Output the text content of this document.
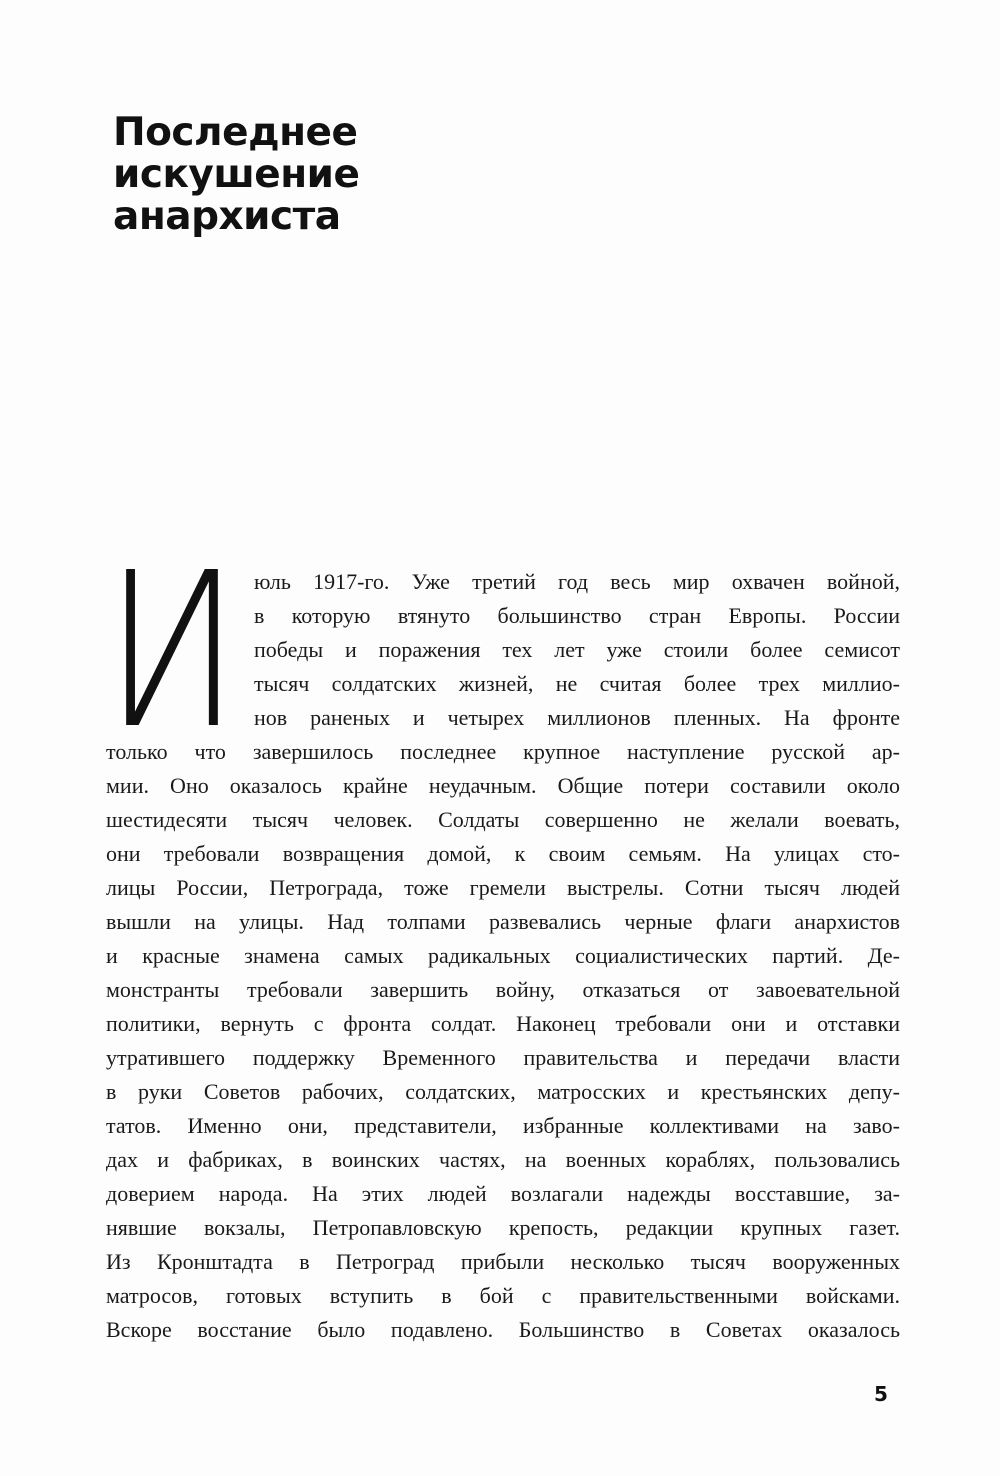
Последнее
искушение
анархиста
И юль 1917-го. Уже третий год весь мир охвачен войной,
в которую втянуто большинство стран Европы. России
победы и поражения тех лет уже стоили более семисот
тысяч солдатских жизней, не считая более трех миллио-
нов раненых и четырех миллионов пленных. На фронте
только что завершилось последнее крупное наступление русской ар-
мии. Оно оказалось крайне неудачным. Общие потери составили около
шестидесяти тысяч человек. Солдаты совершенно не желали воевать,
они требовали возвращения домой, к своим семьям. На улицах сто-
лицы России, Петрограда, тоже гремели выстрелы. Сотни тысяч людей
вышли на улицы. Над толпами развевались черные флаги анархистов
и красные знамена самых радикальных социалистических партий. Де-
монстранты требовали завершить войну, отказаться от завоевательной
политики, вернуть с фронта солдат. Наконец требовали они и отставки
утратившего поддержку Временного правительства и передачи власти
в руки Советов рабочих, солдатских, матросских и крестьянских депу-
татов. Именно они, представители, избранные коллективами на заво-
дах и фабриках, в воинских частях, на военных кораблях, пользовались
доверием народа. На этих людей возлагали надежды восставшие, за-
нявшие вокзалы, Петропавловскую крепость, редакции крупных газет.
Из Кронштадта в Петроград прибыли несколько тысяч вооруженных
матросов, готовых вступить в бой с правительственными войсками.
Вскоре восстание было подавлено. Большинство в Советах оказалось
5
